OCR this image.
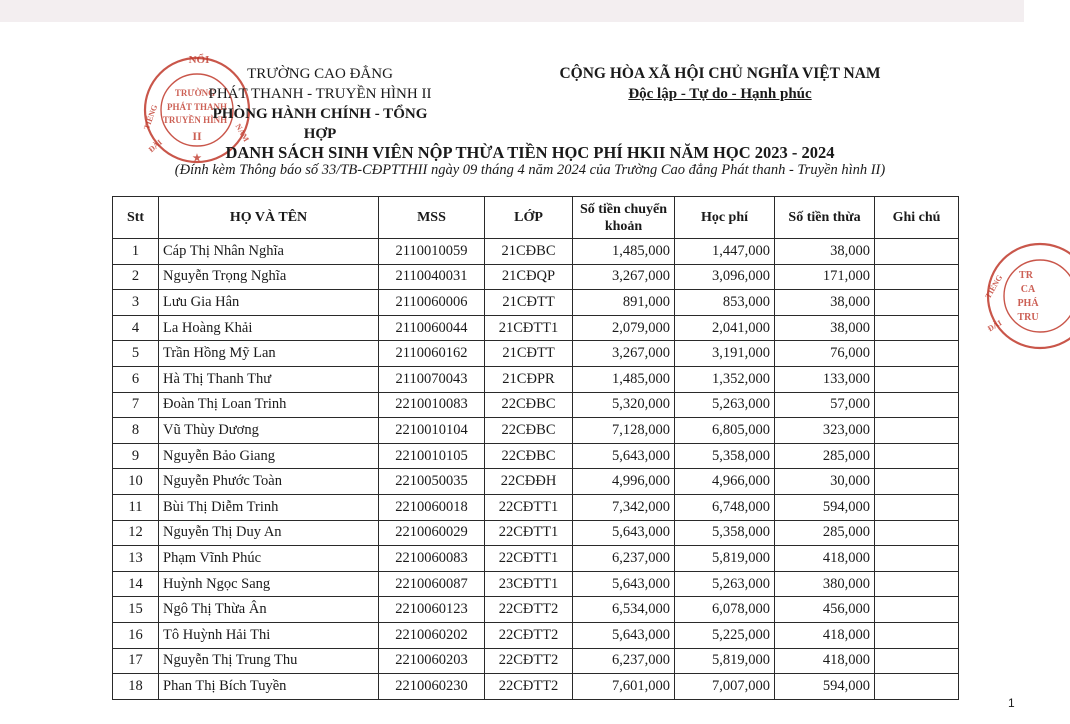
NỔI
TRƯỜNG
PHÁT THANH
TRUYỀN HÌNH
II
TIẾNG
ĐÀI
NAM
★
TRƯỜNG CAO ĐẲNG
PHÁT THANH - TRUYỀN HÌNH II
PHÒNG HÀNH CHÍNH - TỔNG HỢP
CỘNG HÒA XÃ HỘI CHỦ NGHĨA VIỆT NAM
Độc lập - Tự do - Hạnh phúc
DANH SÁCH SINH VIÊN NỘP THỪA TIỀN HỌC PHÍ HKII NĂM HỌC 2023 - 2024
(Đính kèm Thông báo số 33/TB-CĐPTTHII ngày 09 tháng 4 năm 2024 của Trường Cao đẳng Phát thanh - Truyền hình II)
TR
CA
PHÁ
TRU
TIẾNG
ĐÀI
Stt	HỌ VÀ TÊN	MSS	LỚP	Số tiền chuyển
khoản	Học phí	Số tiền thừa	Ghi chú
1	Cáp Thị Nhân Nghĩa	2110010059	21CĐBC	1,485,000	1,447,000	38,000	
2	Nguyễn Trọng Nghĩa	2110040031	21CĐQP	3,267,000	3,096,000	171,000	
3	Lưu Gia Hân	2110060006	21CĐTT	891,000	853,000	38,000	
4	La Hoàng Khải	2110060044	21CĐTT1	2,079,000	2,041,000	38,000	
5	Trần Hồng Mỹ Lan	2110060162	21CĐTT	3,267,000	3,191,000	76,000	
6	Hà Thị Thanh Thư	2110070043	21CĐPR	1,485,000	1,352,000	133,000	
7	Đoàn Thị Loan Trinh	2210010083	22CĐBC	5,320,000	5,263,000	57,000	
8	Vũ Thùy Dương	2210010104	22CĐBC	7,128,000	6,805,000	323,000	
9	Nguyễn Bảo Giang	2210010105	22CĐBC	5,643,000	5,358,000	285,000	
10	Nguyễn Phước Toàn	2210050035	22CĐĐH	4,996,000	4,966,000	30,000	
11	Bùi Thị Diễm Trinh	2210060018	22CĐTT1	7,342,000	6,748,000	594,000	
12	Nguyễn Thị Duy An	2210060029	22CĐTT1	5,643,000	5,358,000	285,000	
13	Phạm Vĩnh Phúc	2210060083	22CĐTT1	6,237,000	5,819,000	418,000	
14	Huỳnh Ngọc Sang	2210060087	23CĐTT1	5,643,000	5,263,000	380,000	
15	Ngô Thị Thừa Ân	2210060123	22CĐTT2	6,534,000	6,078,000	456,000	
16	Tô Huỳnh Hải Thi	2210060202	22CĐTT2	5,643,000	5,225,000	418,000	
17	Nguyễn Thị Trung Thu	2210060203	22CĐTT2	6,237,000	5,819,000	418,000	
18	Phan Thị Bích Tuyền	2210060230	22CĐTT2	7,601,000	7,007,000	594,000	
1
